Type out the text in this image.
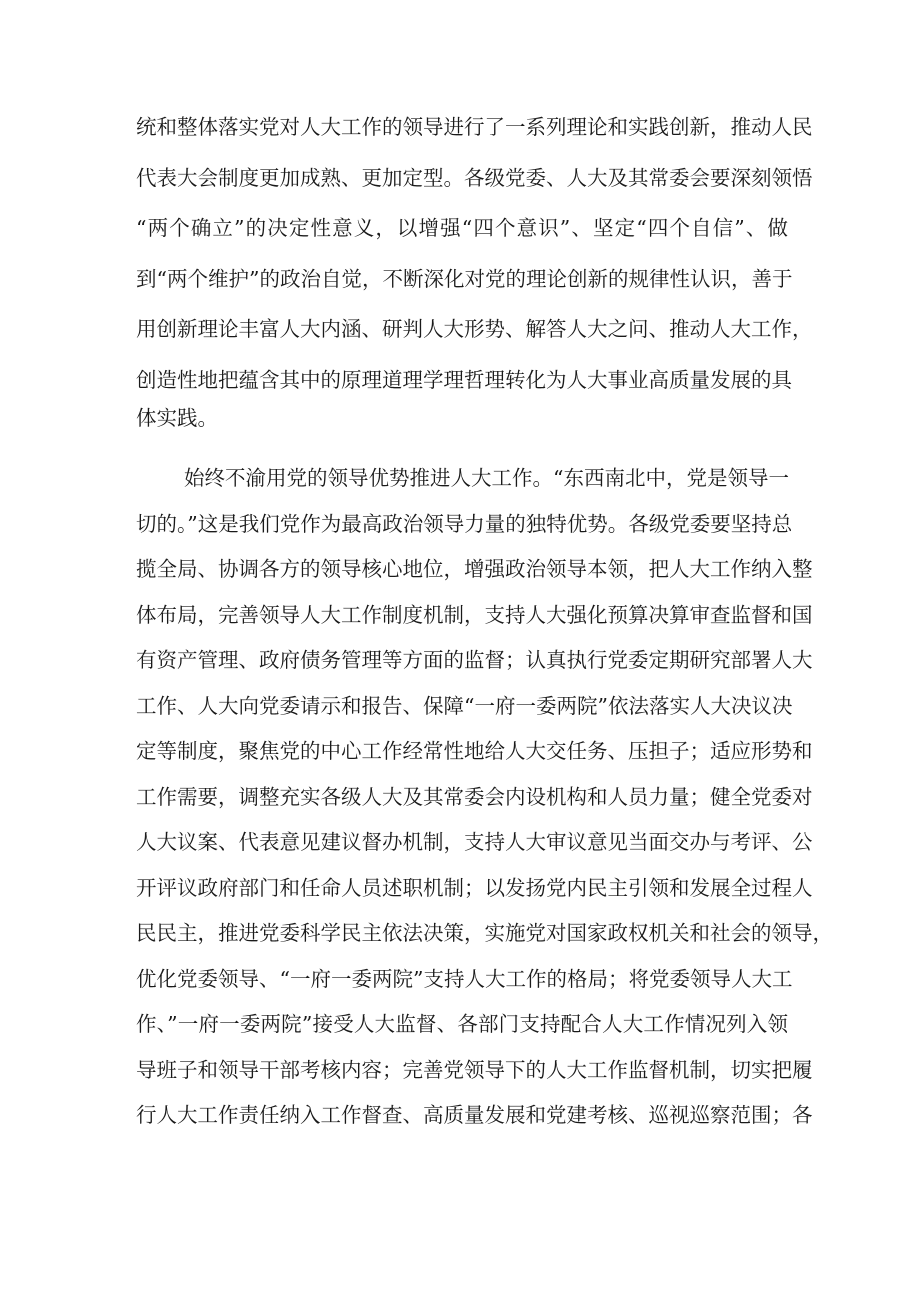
统和整体落实党对人大工作的领导进行了一系列理论和实践创新，推动人民
代表大会制度更加成熟、更加定型。各级党委、人大及其常委会要深刻领悟
“两个确立”的决定性意义，以增强“四个意识”、坚定“四个自信”、做
到“两个维护”的政治自觉，不断深化对党的理论创新的规律性认识，善于
用创新理论丰富人大内涵、研判人大形势、解答人大之问、推动人大工作，
创造性地把蕴含其中的原理道理学理哲理转化为人大事业高质量发展的具
体实践。
始终不渝用党的领导优势推进人大工作。“东西南北中，党是领导一
切的。”这是我们党作为最高政治领导力量的独特优势。各级党委要坚持总
揽全局、协调各方的领导核心地位，增强政治领导本领，把人大工作纳入整
体布局，完善领导人大工作制度机制，支持人大强化预算决算审查监督和国
有资产管理、政府债务管理等方面的监督；认真执行党委定期研究部署人大
工作、人大向党委请示和报告、保障“一府一委两院”依法落实人大决议决
定等制度，聚焦党的中心工作经常性地给人大交任务、压担子；适应形势和
工作需要，调整充实各级人大及其常委会内设机构和人员力量；健全党委对
人大议案、代表意见建议督办机制，支持人大审议意见当面交办与考评、公
开评议政府部门和任命人员述职机制；以发扬党内民主引领和发展全过程人
民民主，推进党委科学民主依法决策，实施党对国家政权机关和社会的领导，
优化党委领导、“一府一委两院”支持人大工作的格局；将党委领导人大工
作、”一府一委两院”接受人大监督、各部门支持配合人大工作情况列入领
导班子和领导干部考核内容；完善党领导下的人大工作监督机制，切实把履
行人大工作责任纳入工作督查、高质量发展和党建考核、巡视巡察范围；各
